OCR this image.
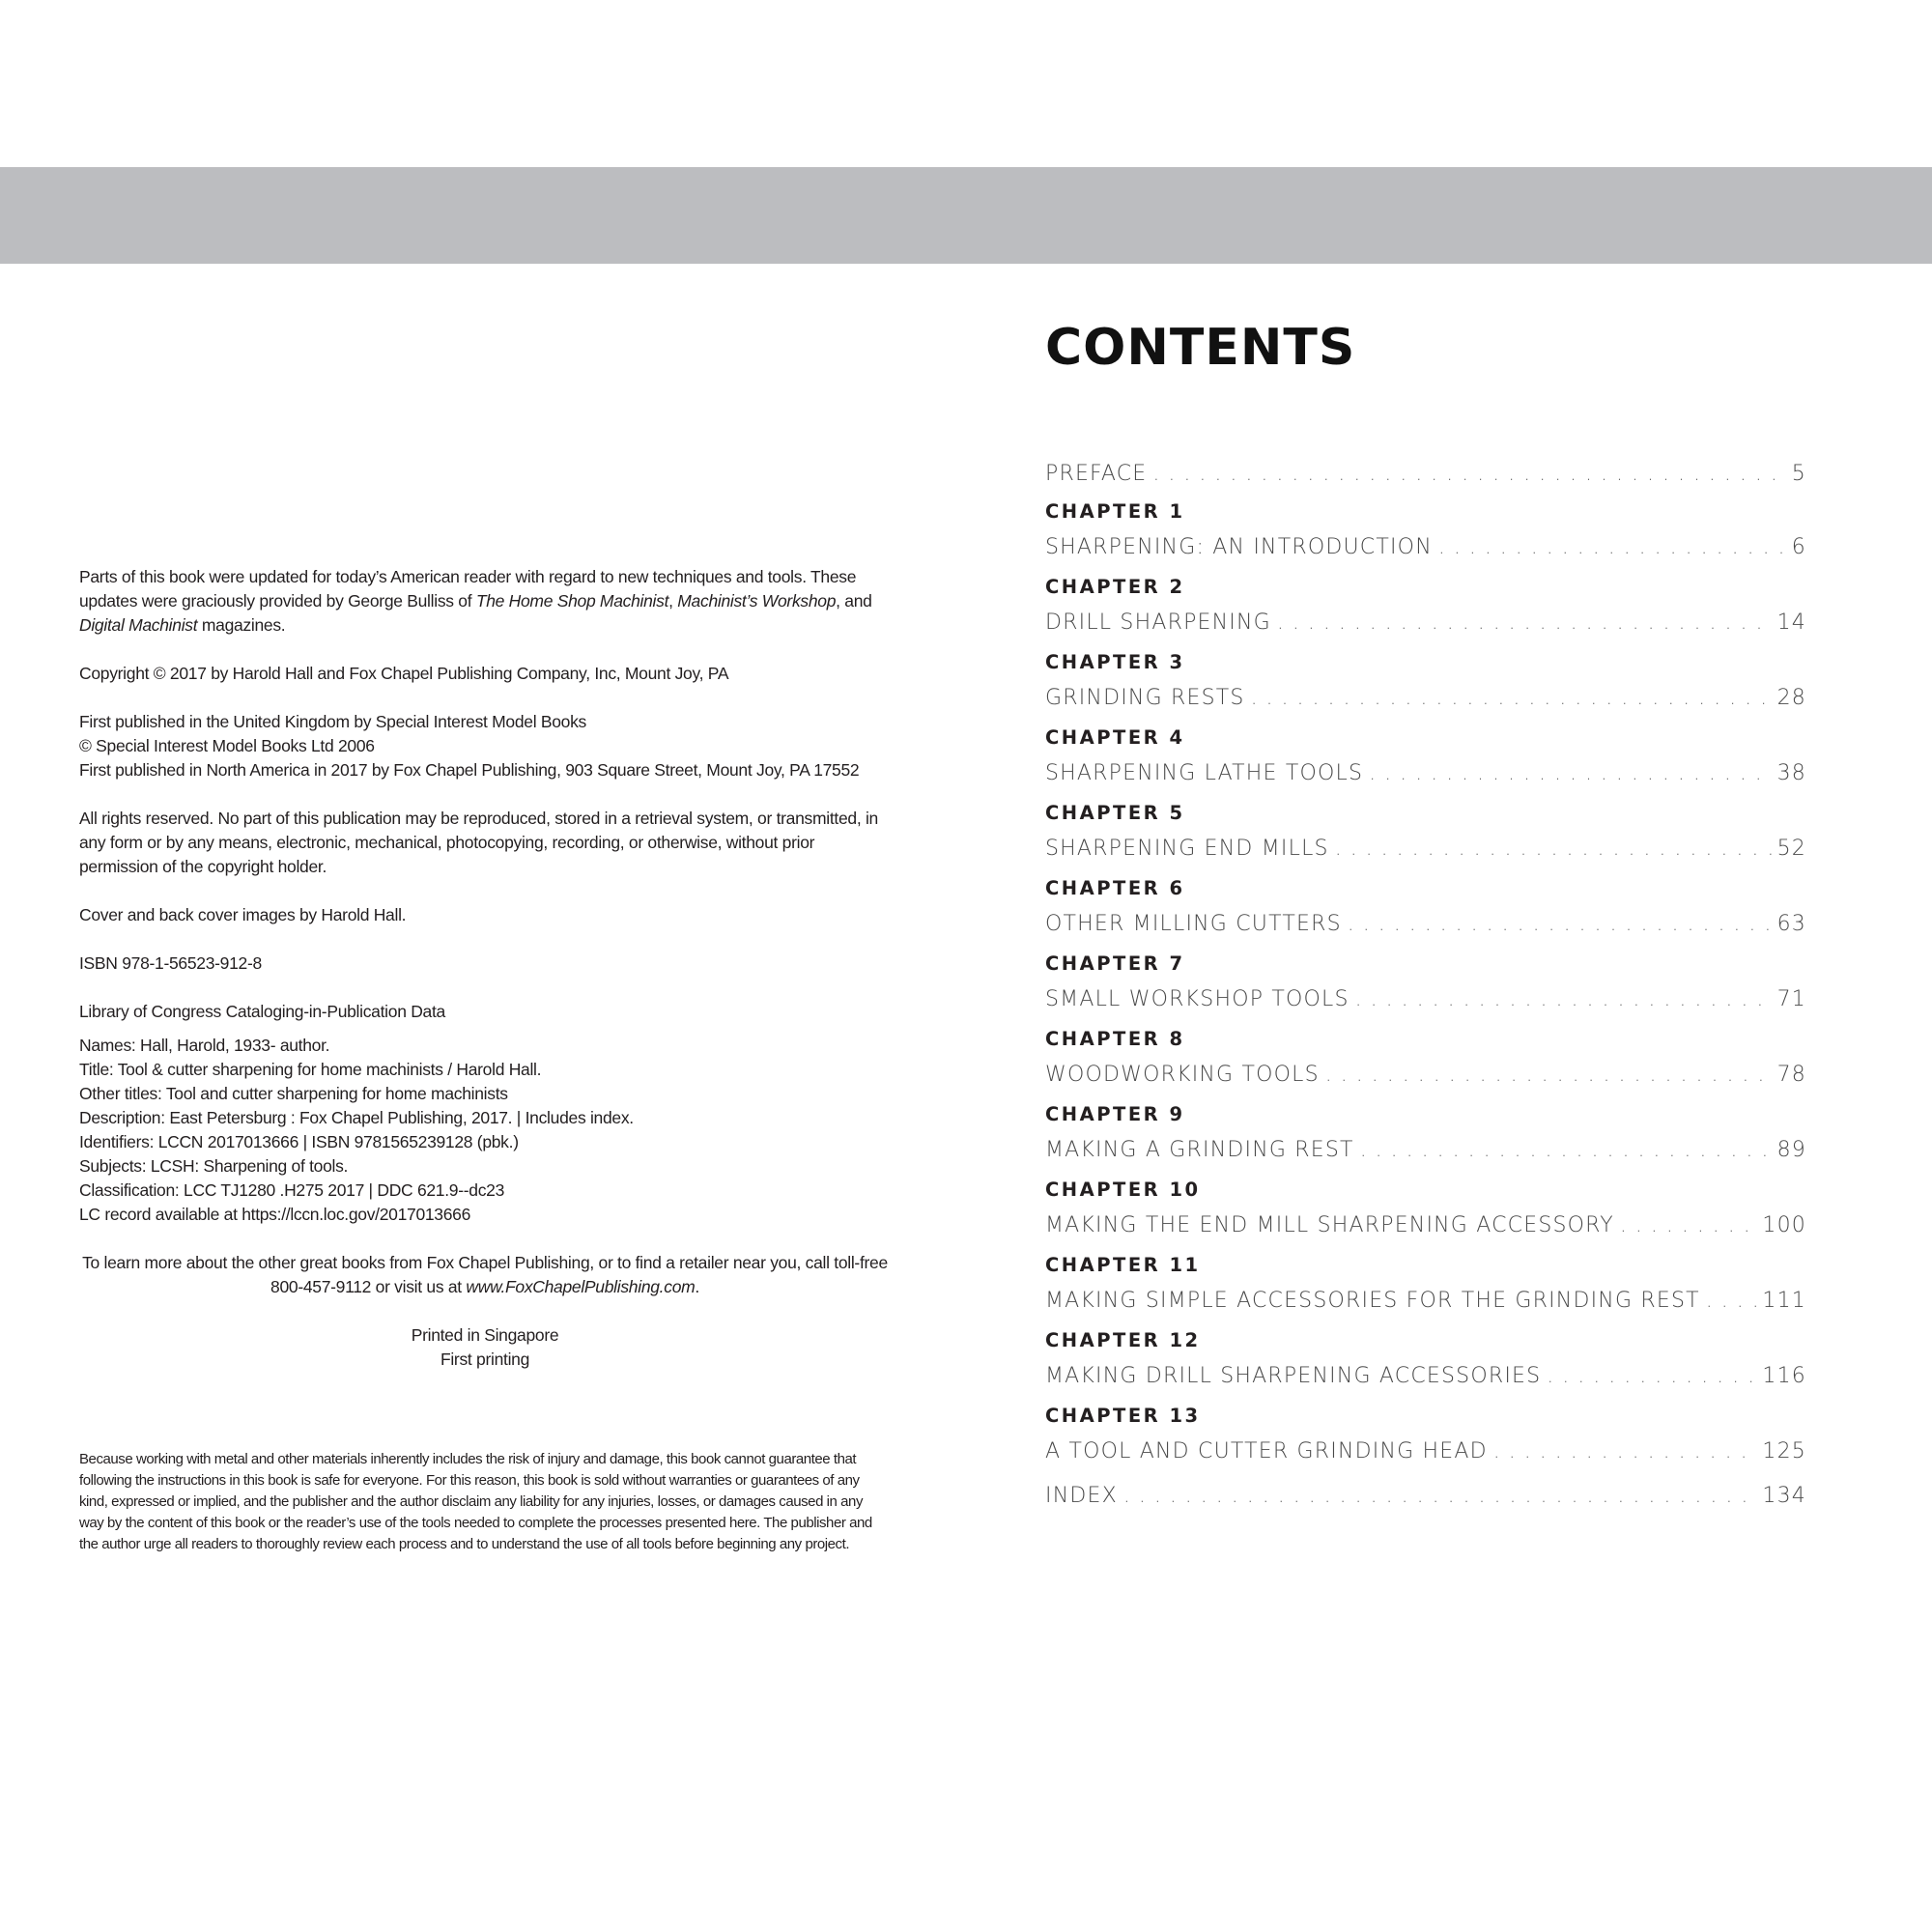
Parts of this book were updated for today’s American reader with regard to new techniques and tools. These updates were graciously provided by George Bulliss of The Home Shop Machinist, Machinist’s Workshop, and Digital Machinist magazines.

Copyright © 2017 by Harold Hall and Fox Chapel Publishing Company, Inc, Mount Joy, PA

First published in the United Kingdom by Special Interest Model Books
© Special Interest Model Books Ltd 2006
First published in North America in 2017 by Fox Chapel Publishing, 903 Square Street, Mount Joy, PA 17552

All rights reserved. No part of this publication may be reproduced, stored in a retrieval system, or transmitted, in any form or by any means, electronic, mechanical, photocopying, recording, or otherwise, without prior permission of the copyright holder.

Cover and back cover images by Harold Hall.

ISBN 978-1-56523-912-8

Library of Congress Cataloging-in-Publication Data

Names: Hall, Harold, 1933- author.
Title: Tool & cutter sharpening for home machinists / Harold Hall.
Other titles: Tool and cutter sharpening for home machinists
Description: East Petersburg : Fox Chapel Publishing, 2017. | Includes index.
Identifiers: LCCN 2017013666 | ISBN 9781565239128 (pbk.)
Subjects: LCSH: Sharpening of tools.
Classification: LCC TJ1280 .H275 2017 | DDC 621.9--dc23
LC record available at https://lccn.loc.gov/2017013666

To learn more about the other great books from Fox Chapel Publishing, or to find a retailer near you, call toll-free 800-457-9112 or visit us at www.FoxChapelPublishing.com.

Printed in Singapore
First printing

Because working with metal and other materials inherently includes the risk of injury and damage, this book cannot guarantee that following the instructions in this book is safe for everyone. For this reason, this book is sold without warranties or guarantees of any kind, expressed or implied, and the publisher and the author disclaim any liability for any injuries, losses, or damages caused in any way by the content of this book or the reader’s use of the tools needed to complete the processes presented here. The publisher and the author urge all readers to thoroughly review each process and to understand the use of all tools before beginning any project.

CONTENTS
PREFACE . . .	5
CHAPTER 1
SHARPENING: AN INTRODUCTION . . .	6
CHAPTER 2
DRILL SHARPENING . . .	14
CHAPTER 3
GRINDING RESTS . . .	28
CHAPTER 4
SHARPENING LATHE TOOLS . . .	38
CHAPTER 5
SHARPENING END MILLS . . .	52
CHAPTER 6
OTHER MILLING CUTTERS . . .	63
CHAPTER 7
SMALL WORKSHOP TOOLS . . .	71
CHAPTER 8
WOODWORKING TOOLS . . .	78
CHAPTER 9
MAKING A GRINDING REST . . .	89
CHAPTER 10
MAKING THE END MILL SHARPENING ACCESSORY . . .	100
CHAPTER 11
MAKING SIMPLE ACCESSORIES FOR THE GRINDING REST . . .	111
CHAPTER 12
MAKING DRILL SHARPENING ACCESSORIES . . .	116
CHAPTER 13
A TOOL AND CUTTER GRINDING HEAD . . .	125
INDEX . . .	134
